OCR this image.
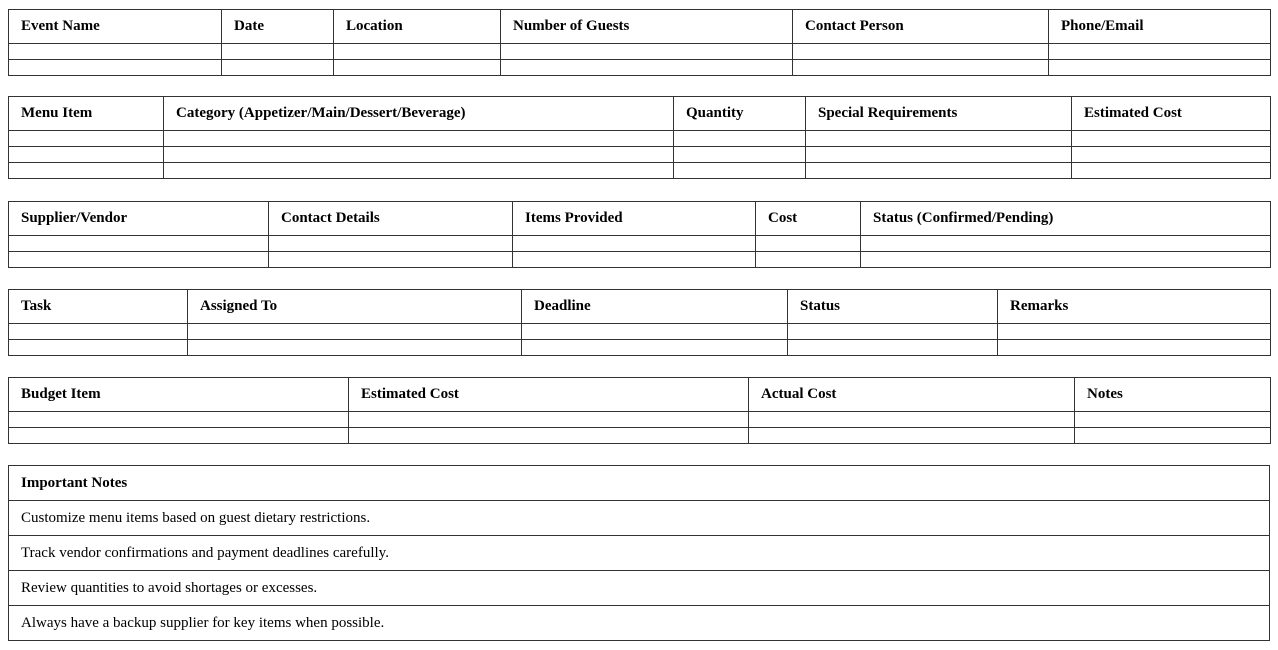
Event Name	Date	Location	Number of Guests	Contact Person	Phone/Email

Menu Item	Category (Appetizer/Main/Dessert/Beverage)	Quantity	Special Requirements	Estimated Cost

Supplier/Vendor	Contact Details	Items Provided	Cost	Status (Confirmed/Pending)

Task	Assigned To	Deadline	Status	Remarks

Budget Item	Estimated Cost	Actual Cost	Notes

Important Notes
Customize menu items based on guest dietary restrictions.
Track vendor confirmations and payment deadlines carefully.
Review quantities to avoid shortages or excesses.
Always have a backup supplier for key items when possible.
